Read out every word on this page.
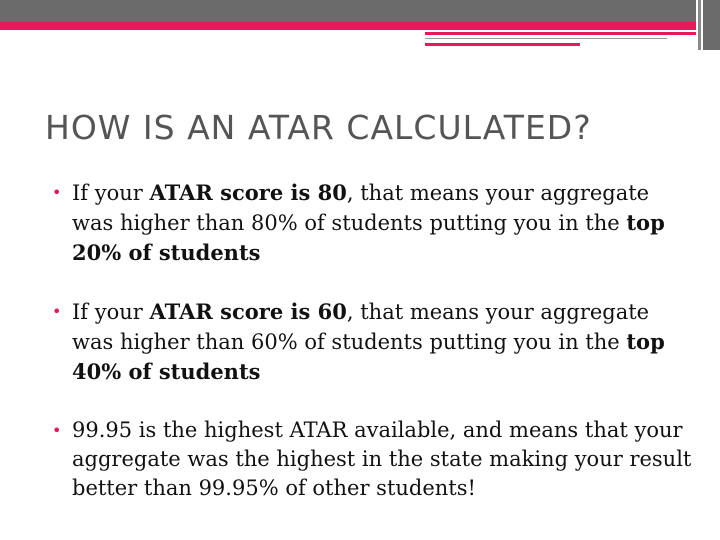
HOW IS AN ATAR CALCULATED?
• If your ATAR score is 80, that means your aggregate was higher than 80% of students putting you in the top 20% of students
• If your ATAR score is 60, that means your aggregate was higher than 60% of students putting you in the top 40% of students
• 99.95 is the highest ATAR available, and means that your aggregate was the highest in the state making your result better than 99.95% of other students!
